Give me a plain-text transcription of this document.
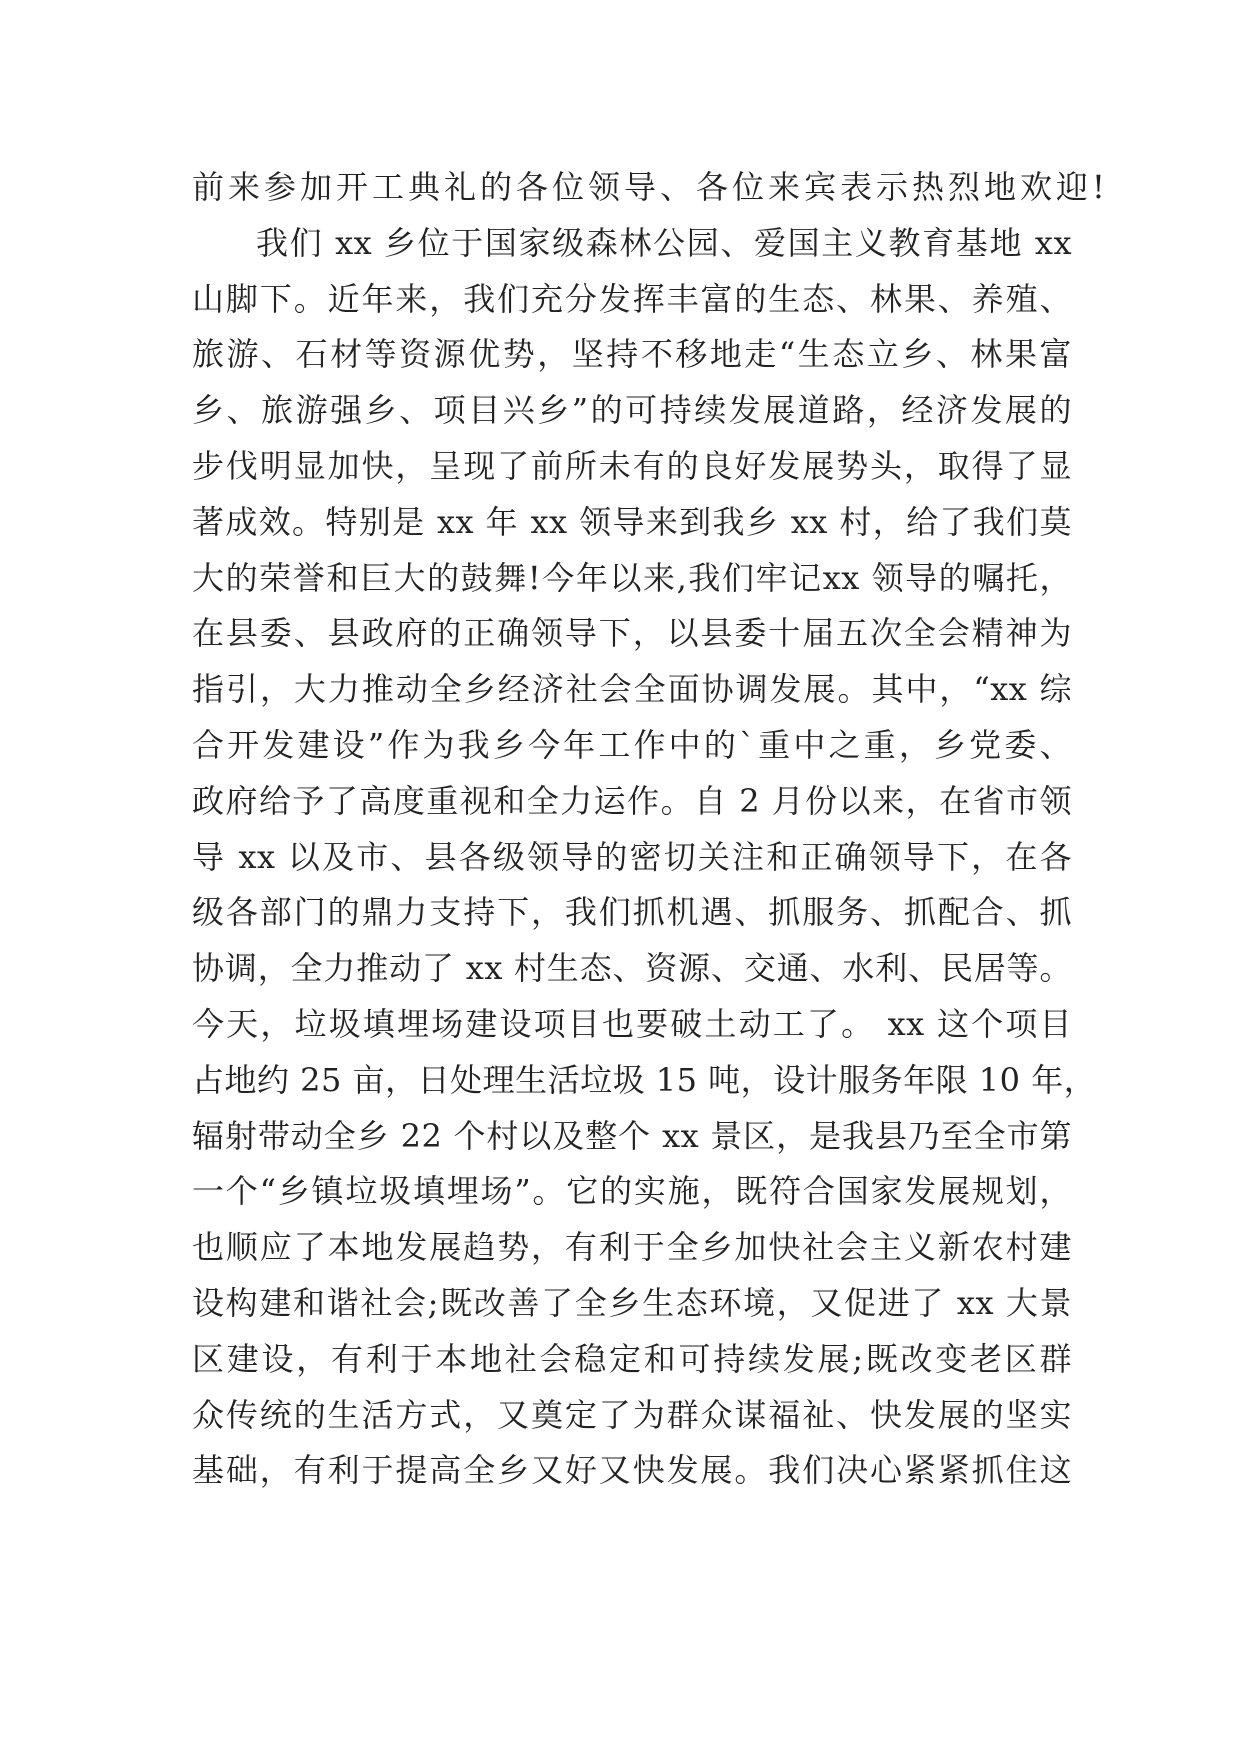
前来参加开工典礼的各位领导、各位来宾表示热烈地欢迎!
我们 xx 乡位于国家级森林公园、爱国主义教育基地 xx
山脚下。近年来，我们充分发挥丰富的生态、林果、养殖、
旅游、石材等资源优势，坚持不移地走“生态立乡、林果富
乡、旅游强乡、项目兴乡”的可持续发展道路，经济发展的
步伐明显加快，呈现了前所未有的良好发展势头，取得了显
著成效。特别是 xx 年 xx 领导来到我乡 xx 村，给了我们莫
大的荣誉和巨大的鼓舞!今年以来,我们牢记xx 领导的嘱托，
在县委、县政府的正确领导下，以县委十届五次全会精神为
指引，大力推动全乡经济社会全面协调发展。其中，“xx 综
合开发建设”作为我乡今年工作中的`重中之重，乡党委、
政府给予了高度重视和全力运作。自 2 月份以来，在省市领
导 xx 以及市、县各级领导的密切关注和正确领导下，在各
级各部门的鼎力支持下，我们抓机遇、抓服务、抓配合、抓
协调，全力推动了 xx 村生态、资源、交通、水利、民居等。
今天，垃圾填埋场建设项目也要破土动工了。 xx 这个项目
占地约 25 亩，日处理生活垃圾 15 吨，设计服务年限 10 年，
辐射带动全乡 22 个村以及整个 xx 景区，是我县乃至全市第
一个“乡镇垃圾填埋场”。它的实施，既符合国家发展规划，
也顺应了本地发展趋势，有利于全乡加快社会主义新农村建
设构建和谐社会;既改善了全乡生态环境，又促进了 xx 大景
区建设，有利于本地社会稳定和可持续发展;既改变老区群
众传统的生活方式，又奠定了为群众谋福祉、快发展的坚实
基础，有利于提高全乡又好又快发展。我们决心紧紧抓住这
